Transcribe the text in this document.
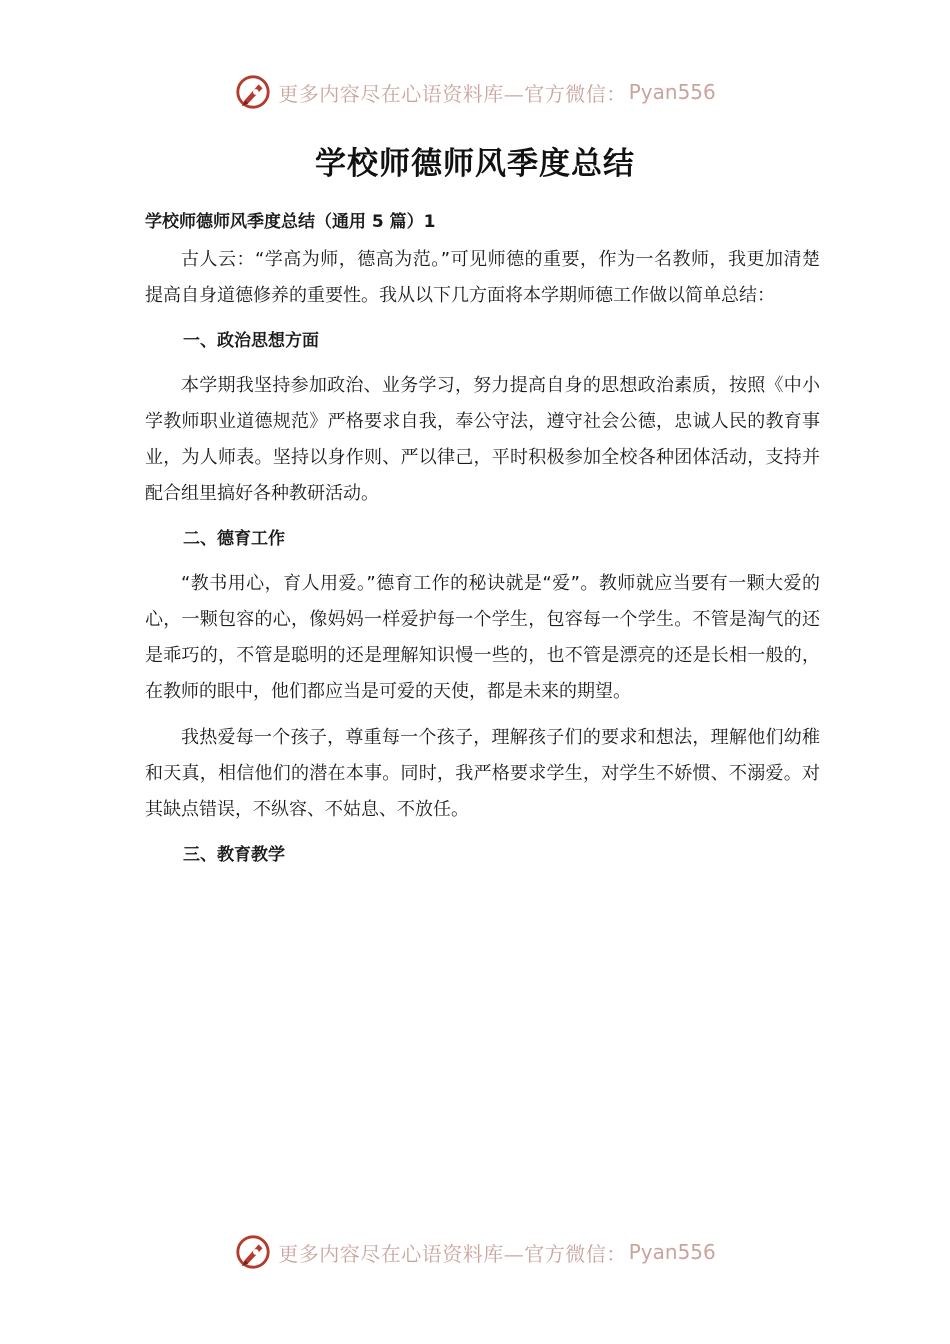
更多内容尽在心语资料库—官方微信： Pyan556
学校师德师风季度总结

学校师德师风季度总结（通用 5 篇）1

古人云：“学高为师，德高为范。”可见师德的重要，作为一名教师，我更加清楚提高自身道德修养的重要性。我从以下几方面将本学期师德工作做以简单总结：

一、政治思想方面

本学期我坚持参加政治、业务学习，努力提高自身的思想政治素质，按照《中小学教师职业道德规范》严格要求自我，奉公守法，遵守社会公德，忠诚人民的教育事业，为人师表。坚持以身作则、严以律己，平时积极参加全校各种团体活动，支持并配合组里搞好各种教研活动。

二、德育工作

“教书用心，育人用爱。”德育工作的秘诀就是“爱”。教师就应当要有一颗大爱的心，一颗包容的心，像妈妈一样爱护每一个学生，包容每一个学生。不管是淘气的还是乖巧的，不管是聪明的还是理解知识慢一些的，也不管是漂亮的还是长相一般的，在教师的眼中，他们都应当是可爱的天使，都是未来的期望。

我热爱每一个孩子，尊重每一个孩子，理解孩子们的要求和想法，理解他们幼稚和天真，相信他们的潜在本事。同时，我严格要求学生，对学生不娇惯、不溺爱。对其缺点错误，不纵容、不姑息、不放任。

三、教育教学

更多内容尽在心语资料库—官方微信： Pyan556
